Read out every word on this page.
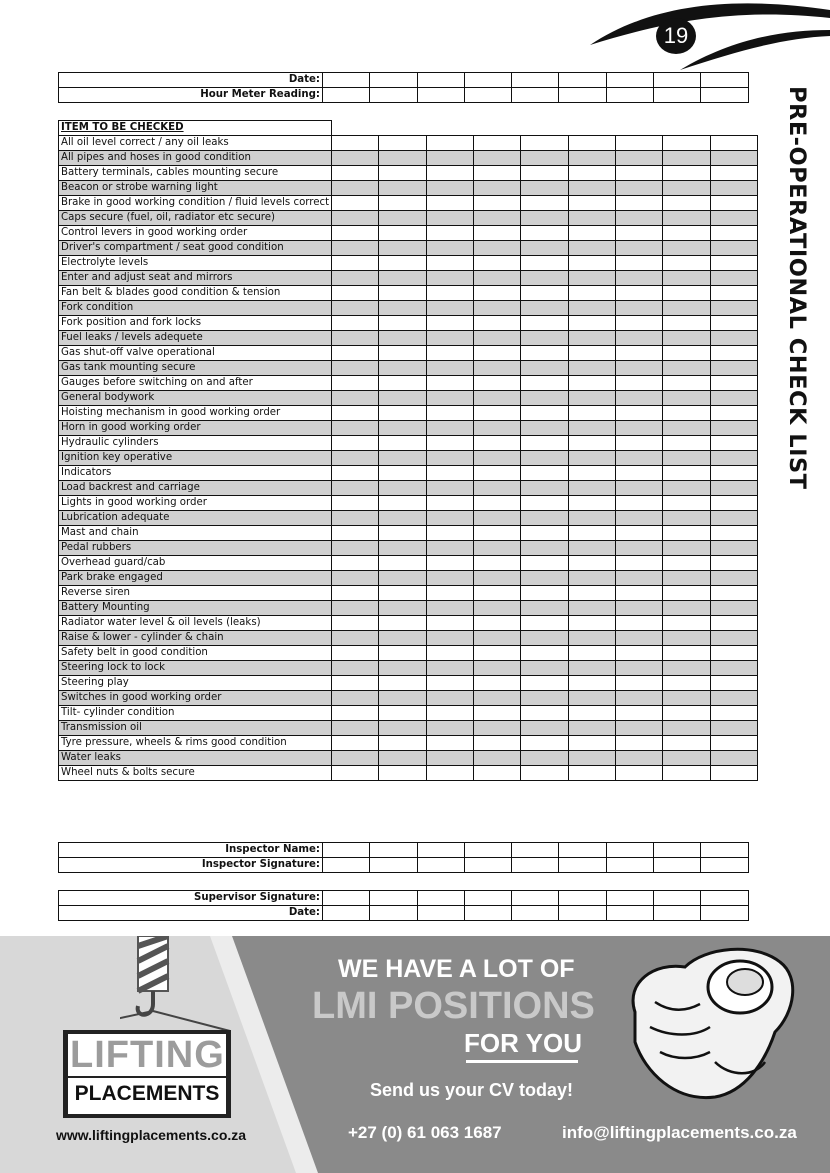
19
PRE-OPERATIONAL CHECK LIST
Date:									
Hour Meter Reading:									
ITEM TO BE CHECKED									
All oil level correct / any oil leaks									
All pipes and hoses in good condition									
Battery terminals, cables mounting secure									
Beacon or strobe warning light									
Brake in good working condition / fluid levels correct									
Caps secure (fuel, oil, radiator etc secure)									
Control levers in good working order									
Driver's compartment / seat good condition									
Electrolyte levels									
Enter and adjust seat and mirrors									
Fan belt & blades good condition & tension									
Fork condition									
Fork position and fork locks									
Fuel leaks / levels adequete									
Gas shut-off valve operational									
Gas tank mounting secure									
Gauges before switching on and after									
General bodywork									
Hoisting mechanism in good working order									
Horn in good working order									
Hydraulic cylinders									
Ignition key operative									
Indicators									
Load backrest and carriage									
Lights in good working order									
Lubrication adequate									
Mast and chain									
Pedal rubbers									
Overhead guard/cab									
Park brake engaged									
Reverse siren									
Battery Mounting									
Radiator water level & oil levels (leaks)									
Raise & lower - cylinder & chain									
Safety belt in good condition									
Steering lock to lock									
Steering play									
Switches in good working order									
Tilt- cylinder condition									
Transmission oil									
Tyre pressure, wheels & rims good condition									
Water leaks									
Wheel nuts & bolts secure									
Inspector Name:									
Inspector Signature:									
Supervisor Signature:									
Date:									
LIFTING
PLACEMENTS
www.liftingplacements.co.za
WE HAVE A LOT OF
LMI POSITIONS
FOR YOU
Send us your CV today!
+27 (0) 61 063 1687	info@liftingplacements.co.za
